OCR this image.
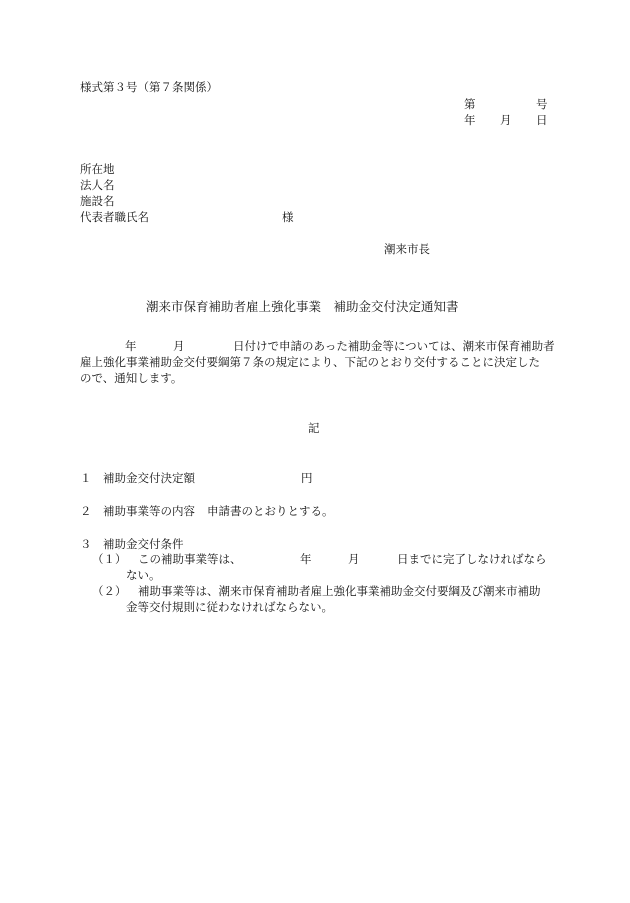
様式第３号（第７条関係）
第	号
年 月 日
所在地
法人名
施設名
代表者職氏名	様
潮来市長
潮来市保育補助者雇上強化事業　補助金交付決定通知書
年	月	日付けで申請のあった補助金等については、潮来市保育補助者
雇上強化事業補助金交付要綱第７条の規定により、下記のとおり交付することに決定した
ので、通知します。
記
１ 補助金交付決定額	円
２ 補助事業等の内容 申請書のとおりとする。
３ 補助金交付条件
（１） この補助事業等は、	年	月	日までに完了しなければなら
ない。
（２） 補助事業等は、潮来市保育補助者雇上強化事業補助金交付要綱及び潮来市補助
金等交付規則に従わなければならない。
